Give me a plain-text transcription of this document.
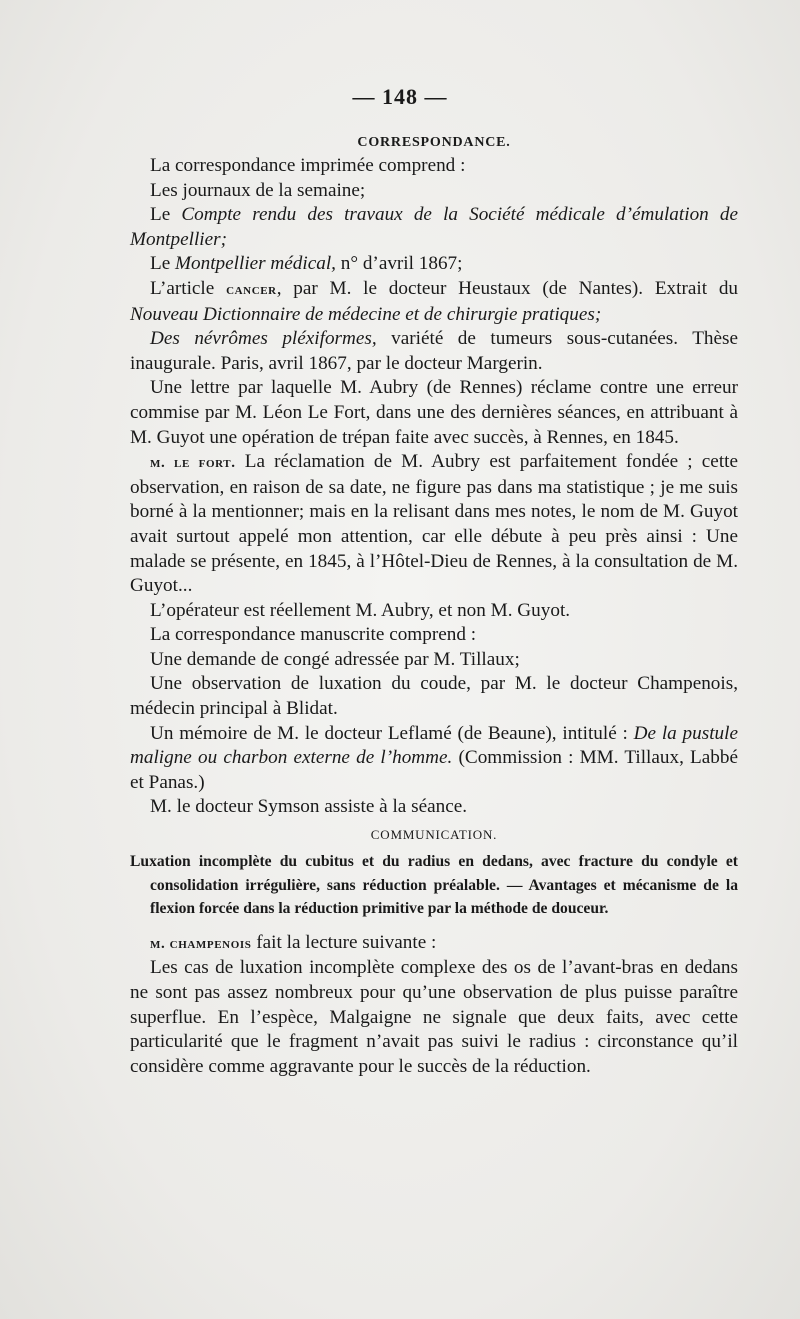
— 148 —

CORRESPONDANCE.

La correspondance imprimée comprend :

Les journaux de la semaine;

Le Compte rendu des travaux de la Société médicale d’émulation de Montpellier;

Le Montpellier médical, n° d’avril 1867;

L’article cancer, par M. le docteur Heustaux (de Nantes). Extrait du Nouveau Dictionnaire de médecine et de chirurgie pratiques;

Des névrômes pléxiformes, variété de tumeurs sous-cutanées. Thèse inaugurale. Paris, avril 1867, par le docteur Margerin.

Une lettre par laquelle M. Aubry (de Rennes) réclame contre une erreur commise par M. Léon Le Fort, dans une des dernières séances, en attribuant à M. Guyot une opération de trépan faite avec succès, à Rennes, en 1845.

m. le fort. La réclamation de M. Aubry est parfaitement fondée ; cette observation, en raison de sa date, ne figure pas dans ma statistique ; je me suis borné à la mentionner; mais en la relisant dans mes notes, le nom de M. Guyot avait surtout appelé mon attention, car elle débute à peu près ainsi : Une malade se présente, en 1845, à l’Hôtel-Dieu de Rennes, à la consultation de M. Guyot...

L’opérateur est réellement M. Aubry, et non M. Guyot.

La correspondance manuscrite comprend :

Une demande de congé adressée par M. Tillaux;

Une observation de luxation du coude, par M. le docteur Champenois, médecin principal à Blidat.

Un mémoire de M. le docteur Leflamé (de Beaune), intitulé : De la pustule maligne ou charbon externe de l’homme. (Commission : MM. Tillaux, Labbé et Panas.)

M. le docteur Symson assiste à la séance.

COMMUNICATION.

Luxation incomplète du cubitus et du radius en dedans, avec fracture du condyle et consolidation irrégulière, sans réduction préalable. — Avantages et mécanisme de la flexion forcée dans la réduction primitive par la méthode de douceur.

m. champenois fait la lecture suivante :

Les cas de luxation incomplète complexe des os de l’avant-bras en dedans ne sont pas assez nombreux pour qu’une observation de plus puisse paraître superflue. En l’espèce, Malgaigne ne signale que deux faits, avec cette particularité que le fragment n’avait pas suivi le radius : circonstance qu’il considère comme aggravante pour le succès de la réduction.
